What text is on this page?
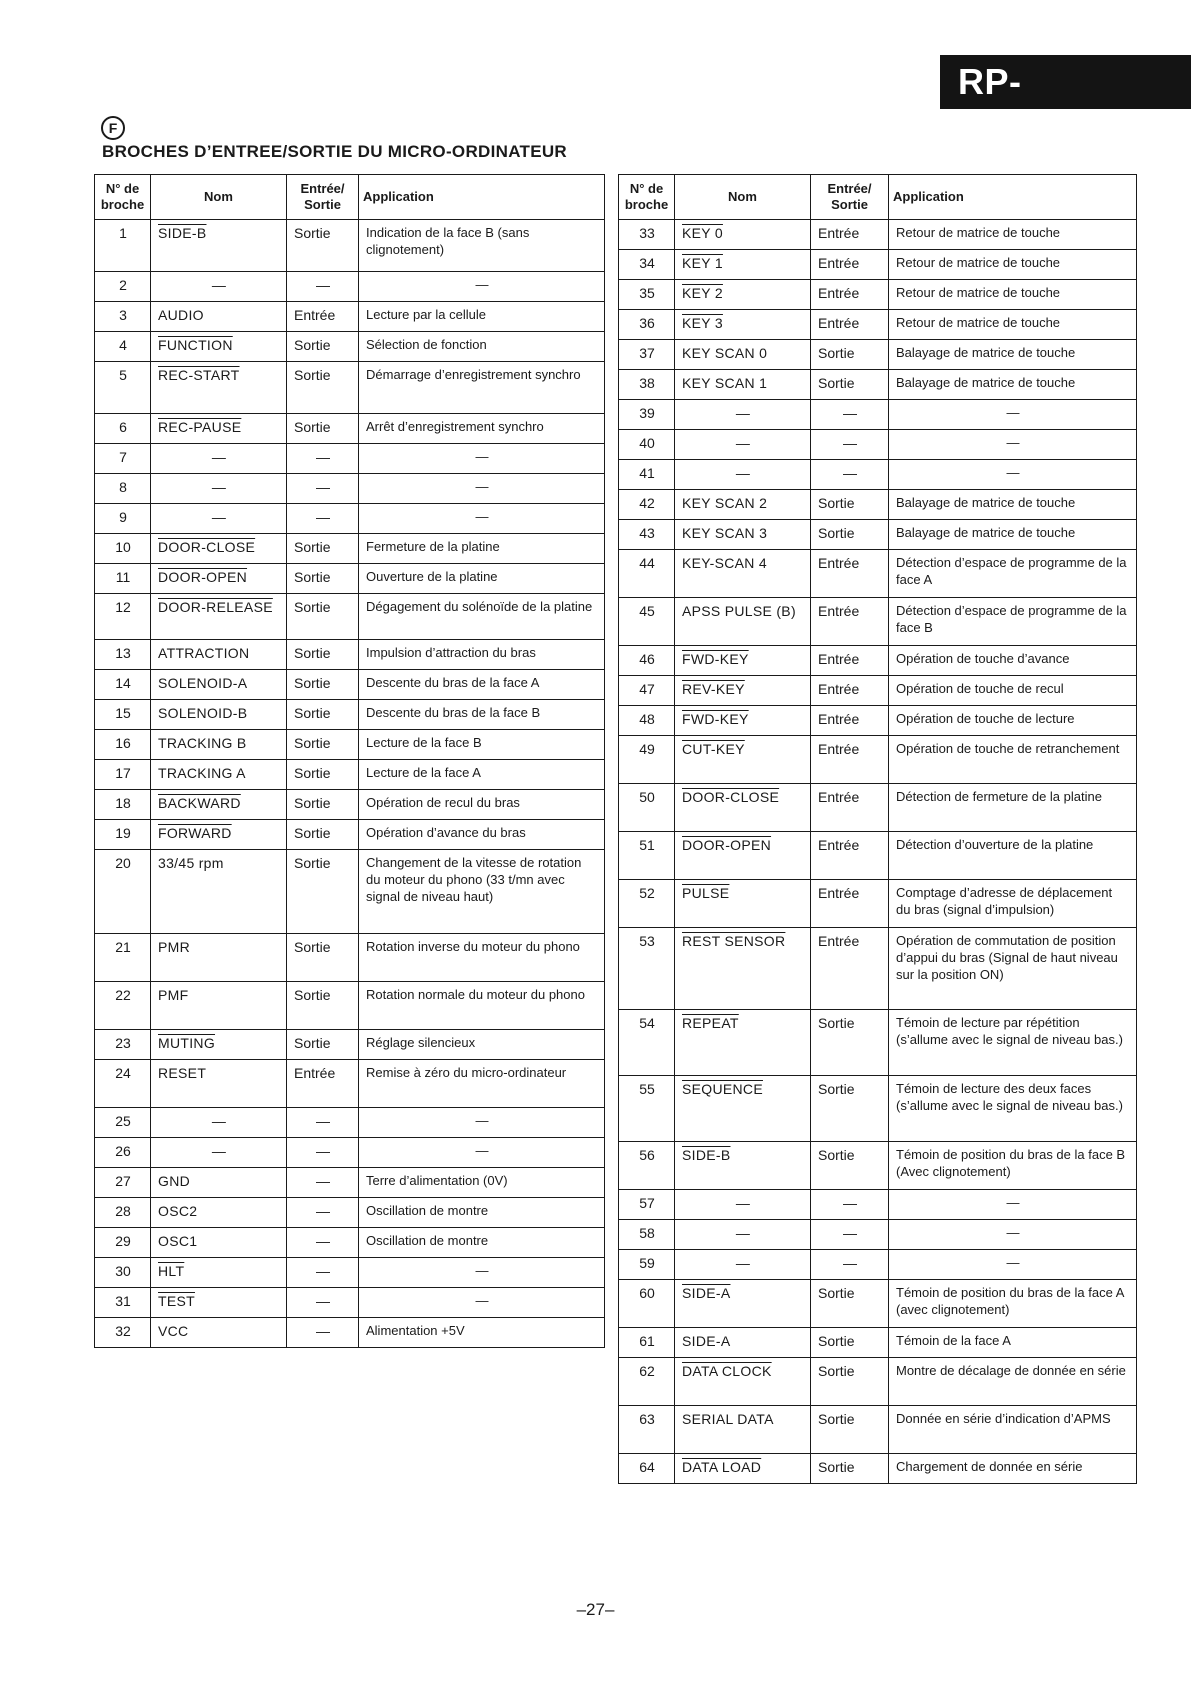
RP-107H/117H
F
BROCHES D’ENTREE/SORTIE DU MICRO-ORDINATEUR
N° de broche	Nom	Entrée/ Sortie	Application
1	SIDE-B	Sortie	Indication de la face B (sans clignotement)
2	—	—	—
3	AUDIO	Entrée	Lecture par la cellule
4	FUNCTION	Sortie	Sélection de fonction
5	REC-START	Sortie	Démarrage d’enregistrement synchro
6	REC-PAUSE	Sortie	Arrêt d’enregistrement synchro
7	—	—	—
8	—	—	—
9	—	—	—
10	DOOR-CLOSE	Sortie	Fermeture de la platine
11	DOOR-OPEN	Sortie	Ouverture de la platine
12	DOOR-RELEASE	Sortie	Dégagement du solénoïde de la platine
13	ATTRACTION	Sortie	Impulsion d’attraction du bras
14	SOLENOID-A	Sortie	Descente du bras de la face A
15	SOLENOID-B	Sortie	Descente du bras de la face B
16	TRACKING B	Sortie	Lecture de la face B
17	TRACKING A	Sortie	Lecture de la face A
18	BACKWARD	Sortie	Opération de recul du bras
19	FORWARD	Sortie	Opération d’avance du bras
20	33/45 rpm	Sortie	Changement de la vitesse de rotation du moteur du phono (33 t/mn avec signal de niveau haut)
21	PMR	Sortie	Rotation inverse du moteur du phono
22	PMF	Sortie	Rotation normale du moteur du phono
23	MUTING	Sortie	Réglage silencieux
24	RESET	Entrée	Remise à zéro du micro-ordinateur
25	—	—	—
26	—	—	—
27	GND	—	Terre d’alimentation (0V)
28	OSC2	—	Oscillation de montre
29	OSC1	—	Oscillation de montre
30	$\overline{HLT}$	—	—
31	TEST	—	—
32	VCC	—	Alimentation +5V
N° de broche	Nom	Entrée/ Sortie	Application
33	KEY 0	Entrée	Retour de matrice de touche
34	KEY 1	Entrée	Retour de matrice de touche
35	KEY 2	Entrée	Retour de matrice de touche
36	KEY 3	Entrée	Retour de matrice de touche
37	KEY SCAN 0	Sortie	Balayage de matrice de touche
38	KEY SCAN 1	Sortie	Balayage de matrice de touche
39	—	—	—
40	—	—	—
41	—	—	—
42	KEY SCAN 2	Sortie	Balayage de matrice de touche
43	KEY SCAN 3	Sortie	Balayage de matrice de touche
44	KEY-SCAN 4	Entrée	Détection d’espace de programme de la face A
45	APSS PULSE (B)	Entrée	Détection d’espace de programme de la face B
46	FWD-KEY	Entrée	Opération de touche d’avance
47	REV-KEY	Entrée	Opération de touche de recul
48	FWD-KEY	Entrée	Opération de touche de lecture
49	CUT-KEY	Entrée	Opération de touche de retranchement
50	DOOR-CLOSE	Entrée	Détection de fermeture de la platine
51	DOOR-OPEN	Entrée	Détection d’ouverture de la platine
52	PULSE	Entrée	Comptage d’adresse de déplacement du bras (signal d’impulsion)
53	REST SENSOR	Entrée	Opération de commutation de position d’appui du bras (Signal de haut niveau sur la position ON)
54	REPEAT	Sortie	Témoin de lecture par répétition (s’allume avec le signal de niveau bas.)
55	SEQUENCE	Sortie	Témoin de lecture des deux faces (s’allume avec le signal de niveau bas.)
56	SIDE-B	Sortie	Témoin de position du bras de la face B (Avec clignotement)
57	—	—	—
58	—	—	—
59	—	—	—
60	SIDE-A	Sortie	Témoin de position du bras de la face A (avec clignotement)
61	SIDE-A	Sortie	Témoin de la face A
62	DATA CLOCK	Sortie	Montre de décalage de donnée en série
63	SERIAL DATA	Sortie	Donnée en série d’indication d’APMS
64	DATA LOAD	Sortie	Chargement de donnée en série
–27–
